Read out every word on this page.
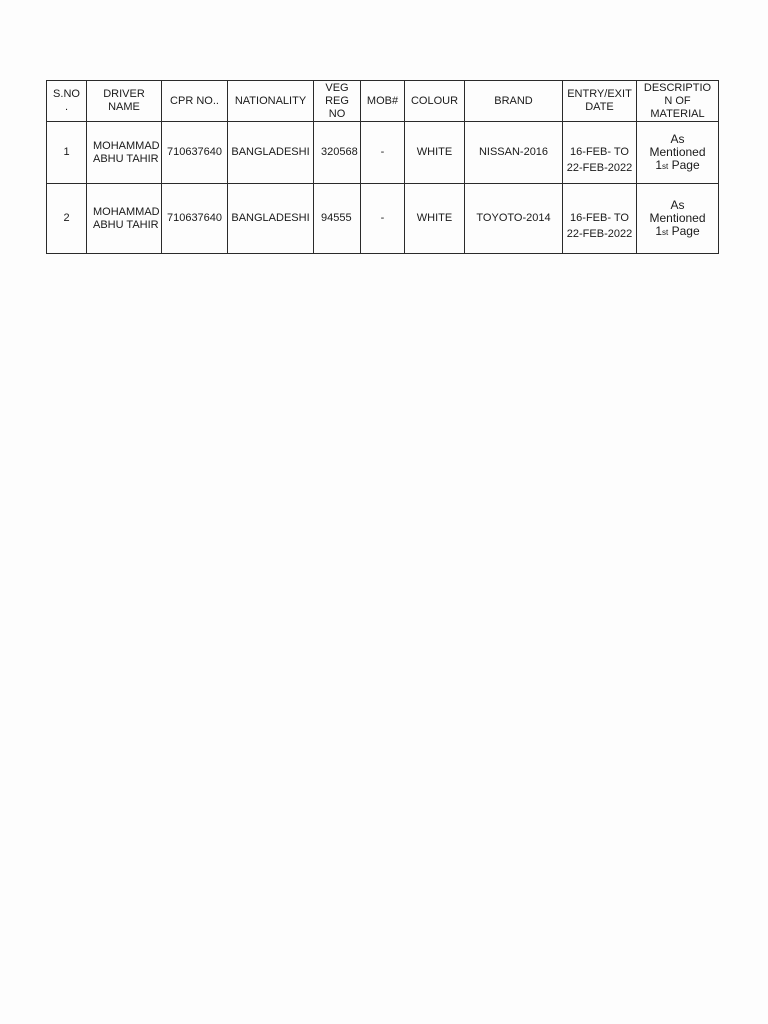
S.NO
.	DRIVER
NAME	CPR NO..	NATIONALITY	VEG
REG
NO	MOB#	COLOUR	BRAND	ENTRY/EXIT
DATE	DESCRIPTIO
N OF
MATERIAL

1	MOHAMMAD
ABHU TAHIR	710637640	BANGLADESHI	320568	-	WHITE	NISSAN-2016	16-FEB- TO
22-FEB-2022	As
Mentioned
1st Page

2	MOHAMMAD
ABHU TAHIR	710637640	BANGLADESHI	94555	-	WHITE	TOYOTO-2014	16-FEB- TO
22-FEB-2022	As
Mentioned
1st Page
